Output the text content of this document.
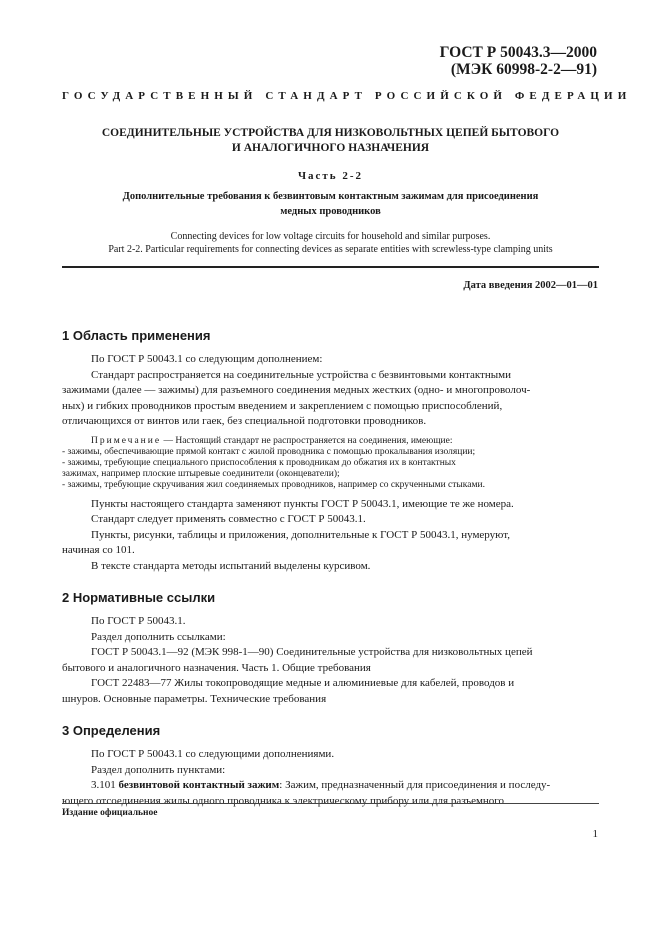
ГОСТ Р 50043.3—2000
(МЭК 60998-2-2—91)
ГОСУДАРСТВЕННЫЙ СТАНДАРТ РОССИЙСКОЙ ФЕДЕРАЦИИ
СОЕДИНИТЕЛЬНЫЕ УСТРОЙСТВА ДЛЯ НИЗКОВОЛЬТНЫХ ЦЕПЕЙ БЫТОВОГО
И АНАЛОГИЧНОГО НАЗНАЧЕНИЯ
Часть 2-2
Дополнительные требования к безвинтовым контактным зажимам для присоединения
медных проводников
Connecting devices for low voltage circuits for household and similar purposes.
Part 2-2. Particular requirements for connecting devices as separate entities with screwless-type clamping units
Дата введения 2002—01—01
1 Область применения

По ГОСТ Р 50043.1 со следующим дополнением:

Стандарт распространяется на соединительные устройства с безвинтовыми контактными

зажимами (далее — зажимы) для разъемного соединения медных жестких (одно- и многопроволоч-

ных) и гибких проводников простым введением и закреплением с помощью приспособлений,

отличающихся от винтов или гаек, без специальной подготовки проводников.

Примечание — Настоящий стандарт не распространяется на соединения, имеющие:

- зажимы, обеспечивающие прямой контакт с жилой проводника с помощью прокалывания изоляции;

- зажимы, требующие специального приспособления к проводникам до обжатия их в контактных

зажимах, например плоские штыревые соединители (оконцеватели);

- зажимы, требующие скручивания жил соединяемых проводников, например со скрученными стыками.

Пункты настоящего стандарта заменяют пункты ГОСТ Р 50043.1, имеющие те же номера.

Стандарт следует применять совместно с ГОСТ Р 50043.1.

Пункты, рисунки, таблицы и приложения, дополнительные к ГОСТ Р 50043.1, нумеруют,

начиная со 101.

В тексте стандарта методы испытаний выделены курсивом.

2 Нормативные ссылки

По ГОСТ Р 50043.1.

Раздел дополнить ссылками:

ГОСТ Р 50043.1—92 (МЭК 998-1—90) Соединительные устройства для низковольтных цепей

бытового и аналогичного назначения. Часть 1. Общие требования

ГОСТ 22483—77 Жилы токопроводящие медные и алюминиевые для кабелей, проводов и

шнуров. Основные параметры. Технические требования

3 Определения

По ГОСТ Р 50043.1 со следующими дополнениями.

Раздел дополнить пунктами:

3.101 безвинтовой контактный зажим: Зажим, предназначенный для присоединения и последу-

ющего отсоединения жилы одного проводника к электрическому прибору или для разъемного

Издание официальное
1
